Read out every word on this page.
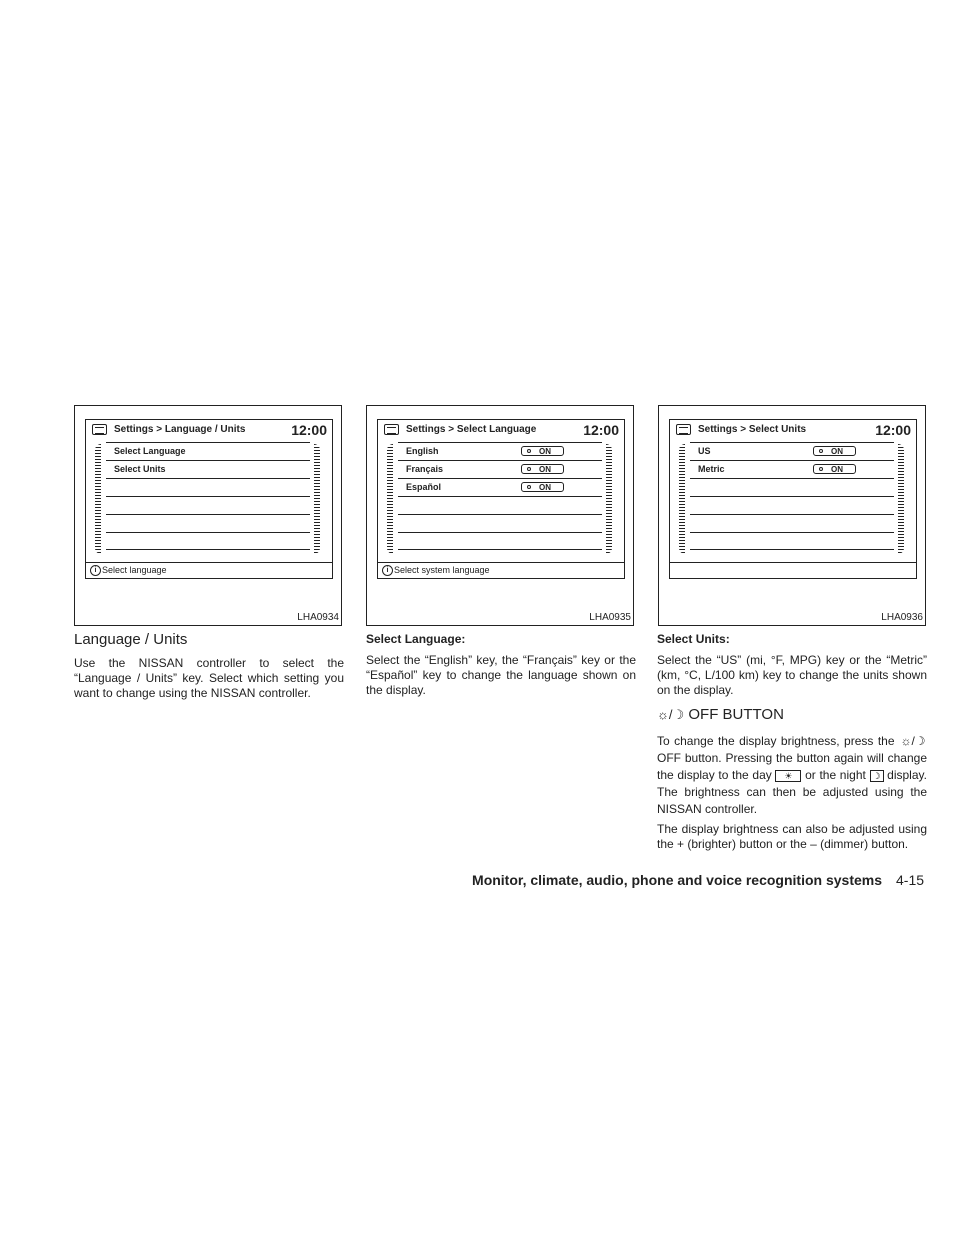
Settings > Language / Units	12:00
Select Language
Select Units
i Select language
LHA0934
Settings > Select Language	12:00
English	ON
Français	ON
Español	ON
i Select system language
LHA0935
Settings > Select Units	12:00
US	ON
Metric	ON
LHA0936
Language / Units

Use the NISSAN controller to select the “Language / Units” key. Select which setting you want to change using the NISSAN controller.

Select Language:

Select the “English” key, the “Français” key or the “Español” key to change the language shown on the display.

Select Units:

Select the “US” (mi, °F, MPG) key or the “Metric” (km, °C, L/100 km) key to change the units shown on the display.

☼/☽ OFF BUTTON

To change the display brightness, press the ☼/☽ OFF button. Pressing the button again will change the display to the day ☀ or the night ☽ display. The brightness can then be adjusted using the NISSAN controller.

The display brightness can also be adjusted using the + (brighter) button or the – (dimmer) button.

Monitor, climate, audio, phone and voice recognition systems 4-15
